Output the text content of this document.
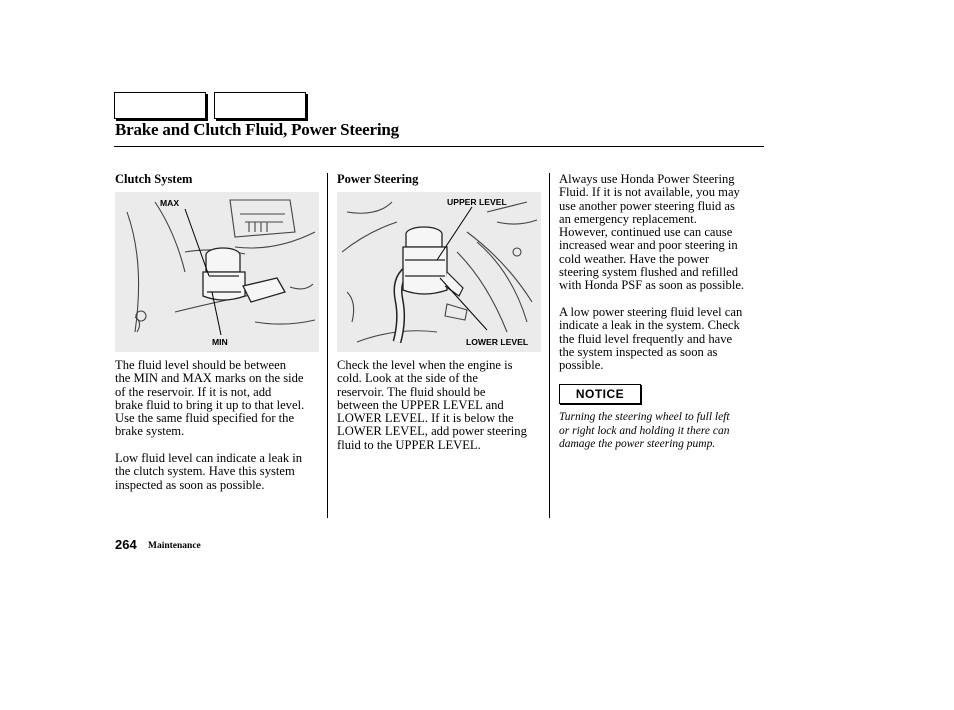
Brake and Clutch Fluid, Power Steering
Clutch System
MAX
MIN
The fluid level should be between
the MIN and MAX marks on the side
of the reservoir. If it is not, add
brake fluid to bring it up to that level.
Use the same fluid specified for the
brake system.
Low fluid level can indicate a leak in
the clutch system. Have this system
inspected as soon as possible.
Power Steering
UPPER LEVEL
LOWER LEVEL
Check the level when the engine is
cold. Look at the side of the
reservoir. The fluid should be
between the UPPER LEVEL and
LOWER LEVEL. If it is below the
LOWER LEVEL, add power steering
fluid to the UPPER LEVEL.
Always use Honda Power Steering
Fluid. If it is not available, you may
use another power steering fluid as
an emergency replacement.
However, continued use can cause
increased wear and poor steering in
cold weather. Have the power
steering system flushed and refilled
with Honda PSF as soon as possible.
A low power steering fluid level can
indicate a leak in the system. Check
the fluid level frequently and have
the system inspected as soon as
possible.
NOTICE
Turning the steering wheel to full left
or right lock and holding it there can
damage the power steering pump.
264 Maintenance
